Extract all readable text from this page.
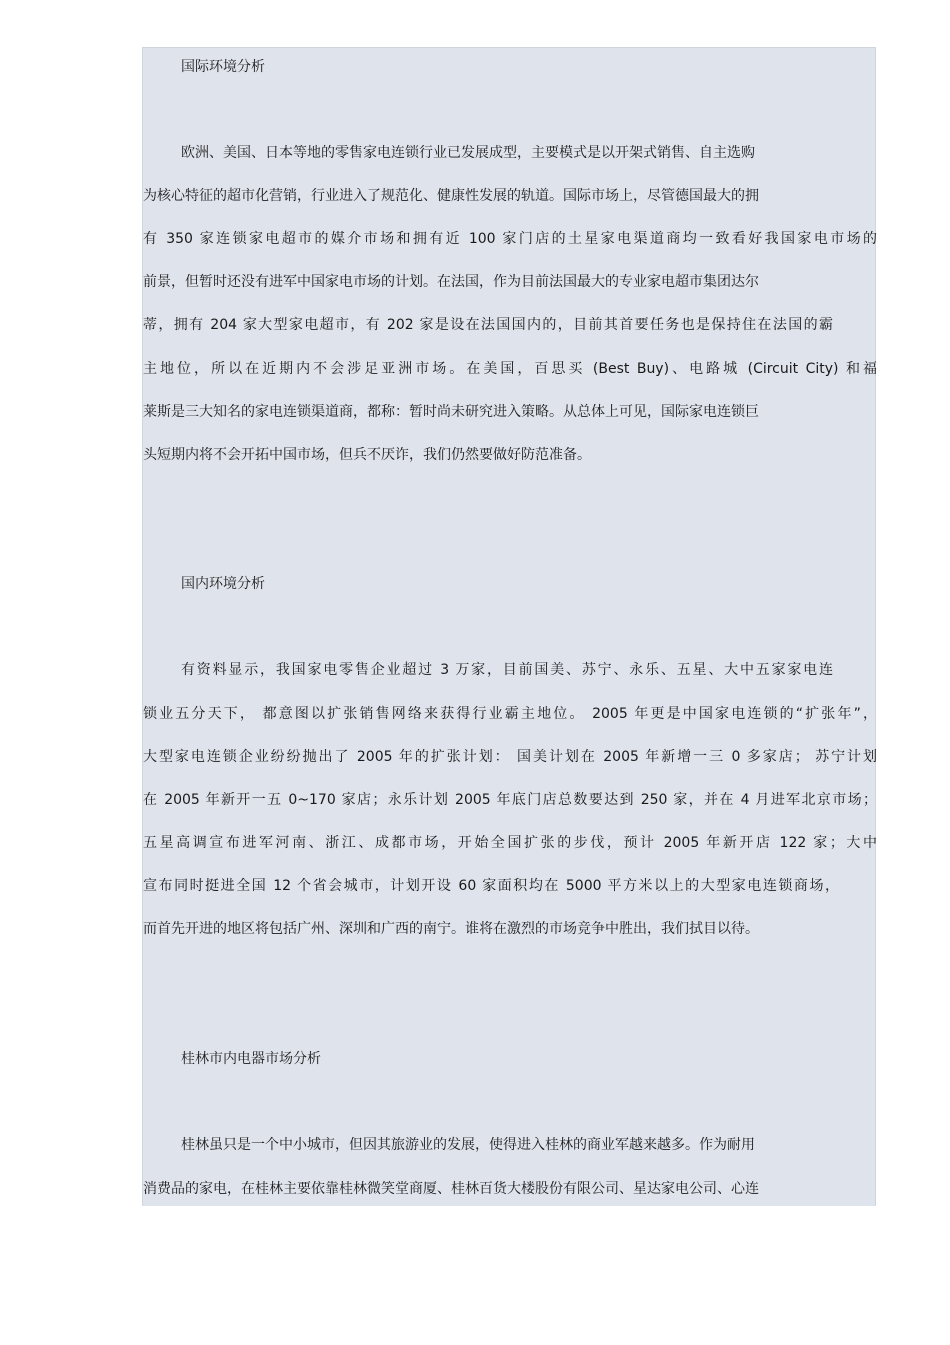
国际环境分析
欧洲、美国、日本等地的零售家电连锁行业已发展成型，主要模式是以开架式销售、自主选购
为核心特征的超市化营销，行业进入了规范化、健康性发展的轨道。国际市场上，尽管德国最大的拥
有 350 家连锁家电超市的媒介市场和拥有近 100 家门店的土星家电渠道商均一致看好我国家电市场的
前景，但暂时还没有进军中国家电市场的计划。在法国，作为目前法国最大的专业家电超市集团达尔
蒂，拥有 204 家大型家电超市，有 202 家是设在法国国内的，目前其首要任务也是保持住在法国的霸
主地位，所以在近期内不会涉足亚洲市场。在美国，百思买 (Best Buy)、电路城 (Circuit City) 和福
莱斯是三大知名的家电连锁渠道商，都称：暂时尚未研究进入策略。从总体上可见，国际家电连锁巨
头短期内将不会开拓中国市场，但兵不厌诈，我们仍然要做好防范准备。
国内环境分析
有资料显示，我国家电零售企业超过 3 万家，目前国美、苏宁、永乐、五星、大中五家家电连
锁业五分天下， 都意图以扩张销售网络来获得行业霸主地位。 2005 年更是中国家电连锁的“扩张年”，
大型家电连锁企业纷纷抛出了 2005 年的扩张计划： 国美计划在 2005 年新增一三 0 多家店； 苏宁计划
在 2005 年新开一五 0~170 家店；永乐计划 2005 年底门店总数要达到 250 家，并在 4 月进军北京市场；
五星高调宣布进军河南、浙江、成都市场，开始全国扩张的步伐，预计 2005 年新开店 122 家；大中
宣布同时挺进全国 12 个省会城市，计划开设 60 家面积均在 5000 平方米以上的大型家电连锁商场，
而首先开进的地区将包括广州、深圳和广西的南宁。谁将在激烈的市场竞争中胜出，我们拭目以待。
桂林市内电器市场分析
桂林虽只是一个中小城市，但因其旅游业的发展，使得进入桂林的商业军越来越多。作为耐用
消费品的家电，在桂林主要依靠桂林微笑堂商厦、桂林百货大楼股份有限公司、星达家电公司、心连
